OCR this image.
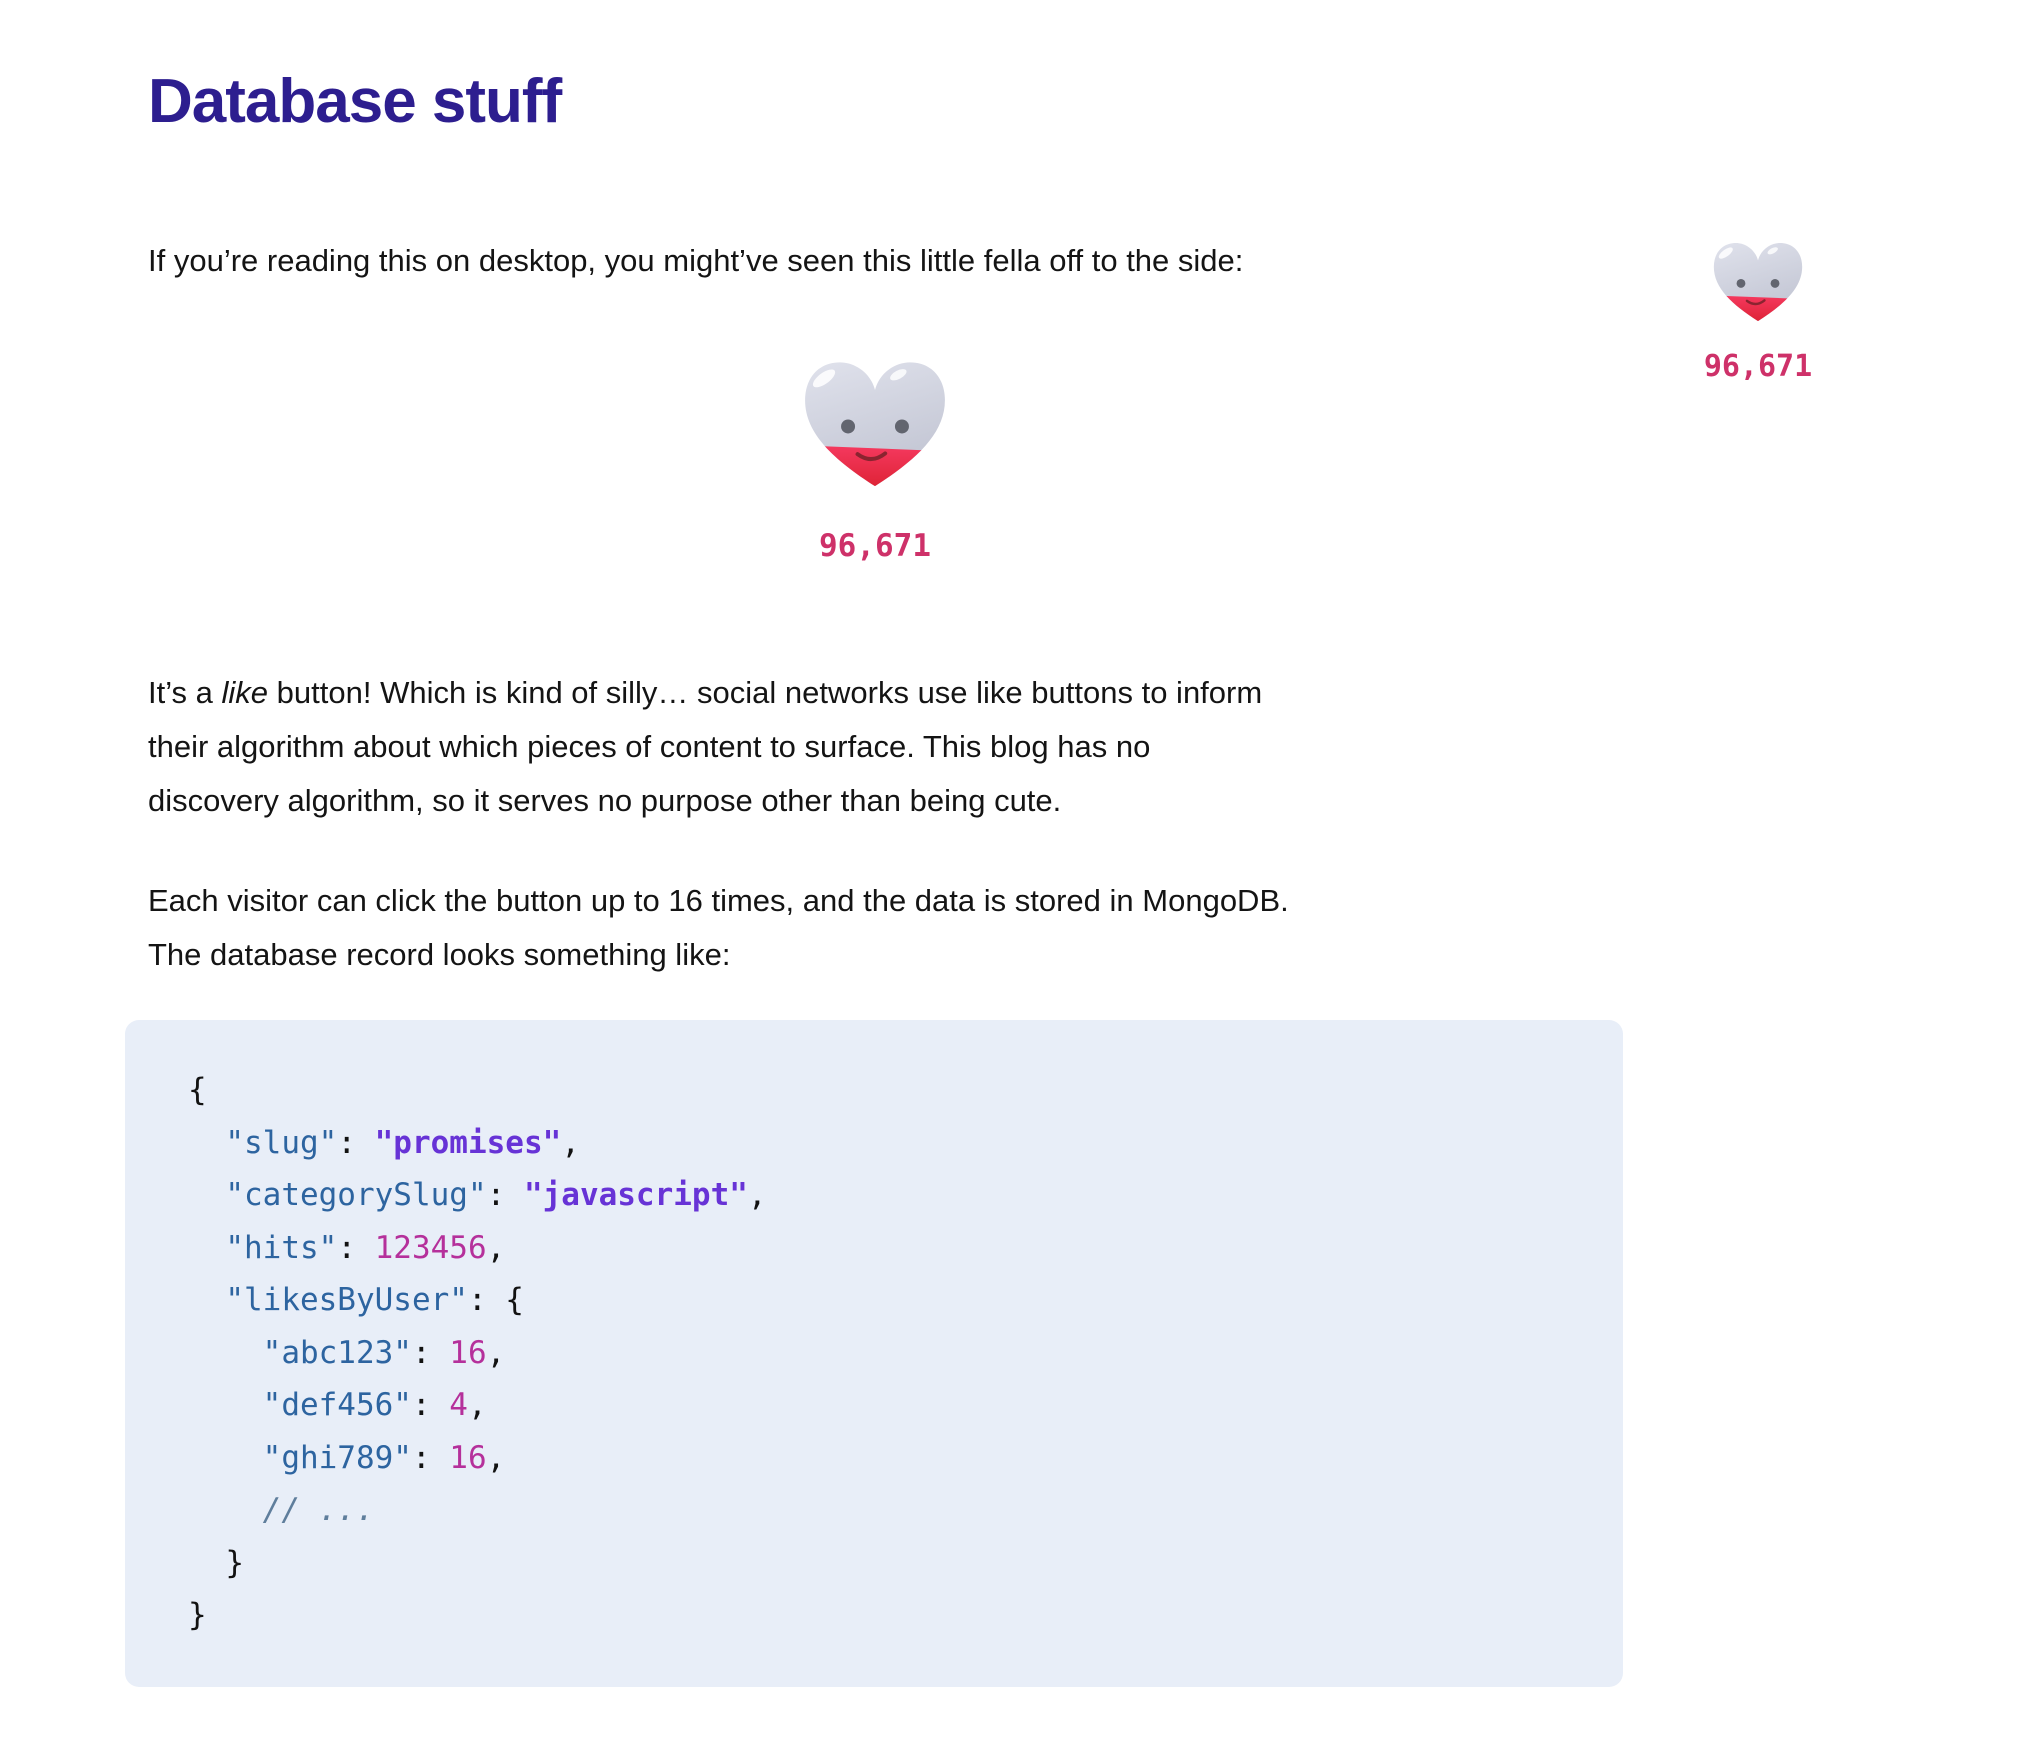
Database stuff
If you’re reading this on desktop, you might’ve seen this little fella off to the side:
96,671
It’s a like button! Which is kind of silly… social networks use like buttons to inform
their algorithm about which pieces of content to surface. This blog has no
discovery algorithm, so it serves no purpose other than being cute.
Each visitor can click the button up to 16 times, and the data is stored in MongoDB.
The database record looks something like:
{
"slug": "promises",
"categorySlug": "javascript",
"hits": 123456,
"likesByUser": {
"abc123": 16,
"def456": 4,
"ghi789": 16,
// ...
}
}
96,671
